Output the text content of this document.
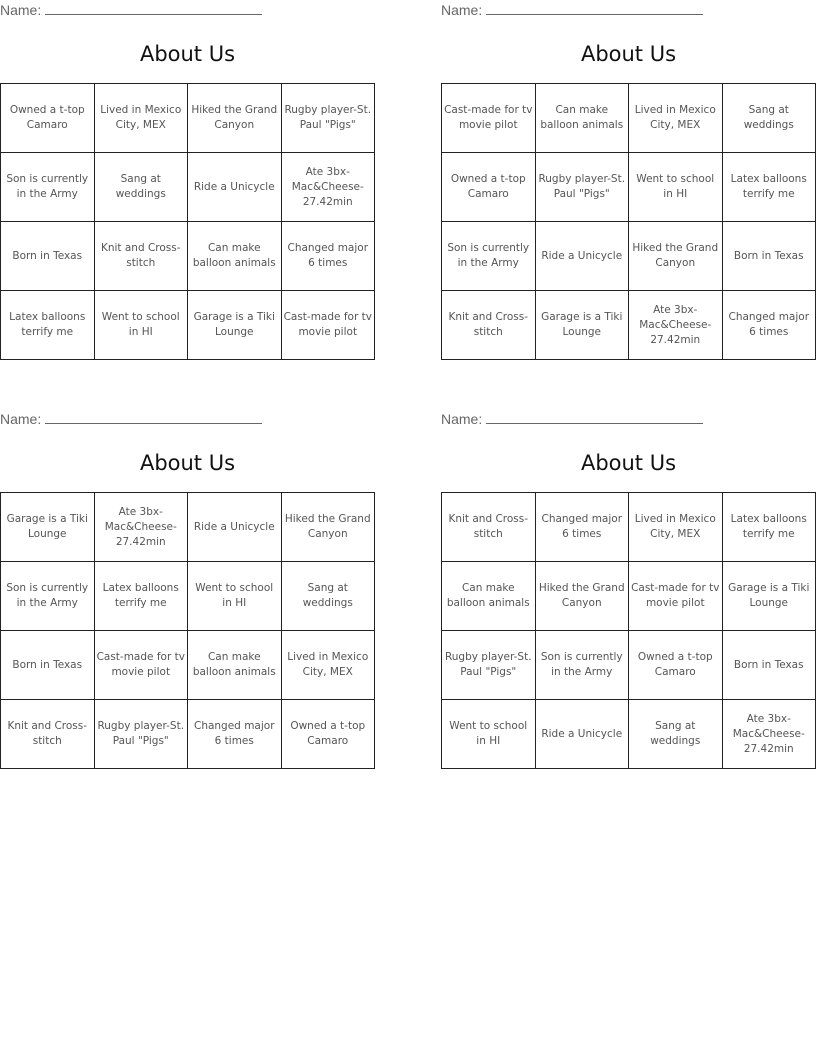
Name:
About Us
Owned a t-top Camaro	Lived in Mexico City, MEX	Hiked the Grand Canyon	Rugby player-St. Paul "Pigs"
Son is currently in the Army	Sang at weddings	Ride a Unicycle	Ate 3bx-Mac&Cheese-27.42min
Born in Texas	Knit and Cross-stitch	Can make balloon animals	Changed major 6 times
Latex balloons terrify me	Went to school in HI	Garage is a Tiki Lounge	Cast-made for tv movie pilot
Name:
About Us
Cast-made for tv movie pilot	Can make balloon animals	Lived in Mexico City, MEX	Sang at weddings
Owned a t-top Camaro	Rugby player-St. Paul "Pigs"	Went to school in HI	Latex balloons terrify me
Son is currently in the Army	Ride a Unicycle	Hiked the Grand Canyon	Born in Texas
Knit and Cross-stitch	Garage is a Tiki Lounge	Ate 3bx-Mac&Cheese-27.42min	Changed major 6 times
Name:
About Us
Garage is a Tiki Lounge	Ate 3bx-Mac&Cheese-27.42min	Ride a Unicycle	Hiked the Grand Canyon
Son is currently in the Army	Latex balloons terrify me	Went to school in HI	Sang at weddings
Born in Texas	Cast-made for tv movie pilot	Can make balloon animals	Lived in Mexico City, MEX
Knit and Cross-stitch	Rugby player-St. Paul "Pigs"	Changed major 6 times	Owned a t-top Camaro
Name:
About Us
Knit and Cross-stitch	Changed major 6 times	Lived in Mexico City, MEX	Latex balloons terrify me
Can make balloon animals	Hiked the Grand Canyon	Cast-made for tv movie pilot	Garage is a Tiki Lounge
Rugby player-St. Paul "Pigs"	Son is currently in the Army	Owned a t-top Camaro	Born in Texas
Went to school in HI	Ride a Unicycle	Sang at weddings	Ate 3bx-Mac&Cheese-27.42min
